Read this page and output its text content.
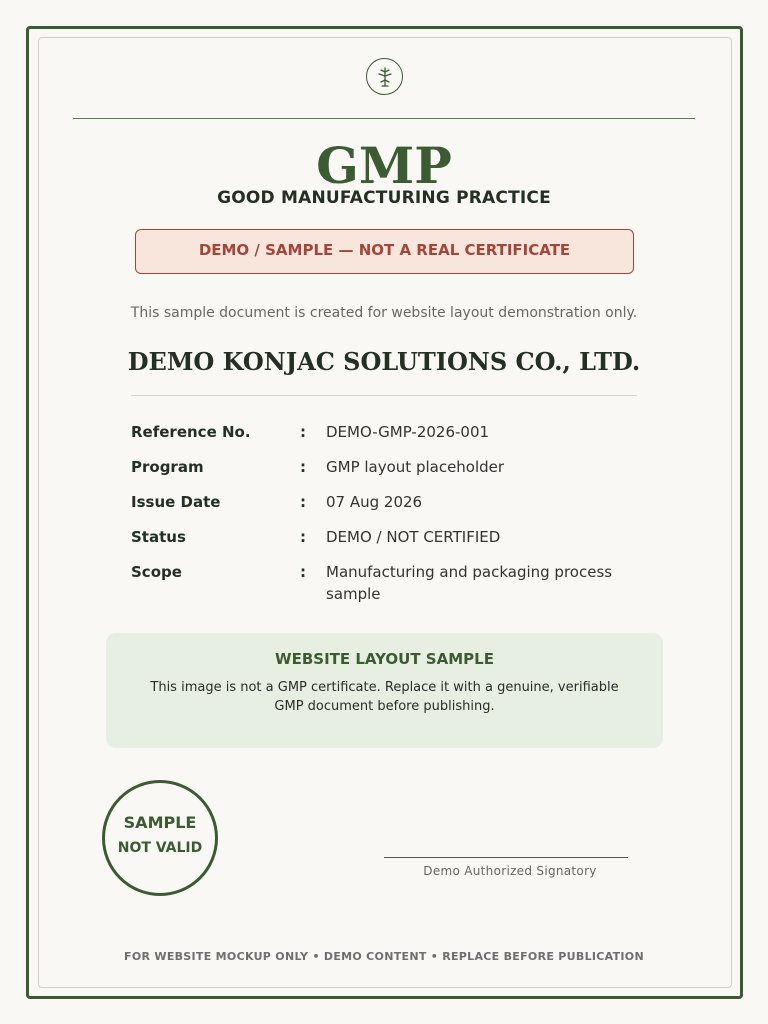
GMP
GOOD MANUFACTURING PRACTICE
DEMO / SAMPLE — NOT A REAL CERTIFICATE
This sample document is created for website layout demonstration only.
DEMO KONJAC SOLUTIONS CO., LTD.
Reference No.	: DEMO-GMP-2026-001
Program	: GMP layout placeholder
Issue Date	: 07 Aug 2026
Status	: DEMO / NOT CERTIFIED
Scope	: Manufacturing and packaging process sample
WEBSITE LAYOUT SAMPLE
This image is not a GMP certificate. Replace it with a genuine, verifiable GMP document before publishing.
SAMPLE
NOT VALID
Demo Authorized Signatory
FOR WEBSITE MOCKUP ONLY • DEMO CONTENT • REPLACE BEFORE PUBLICATION
